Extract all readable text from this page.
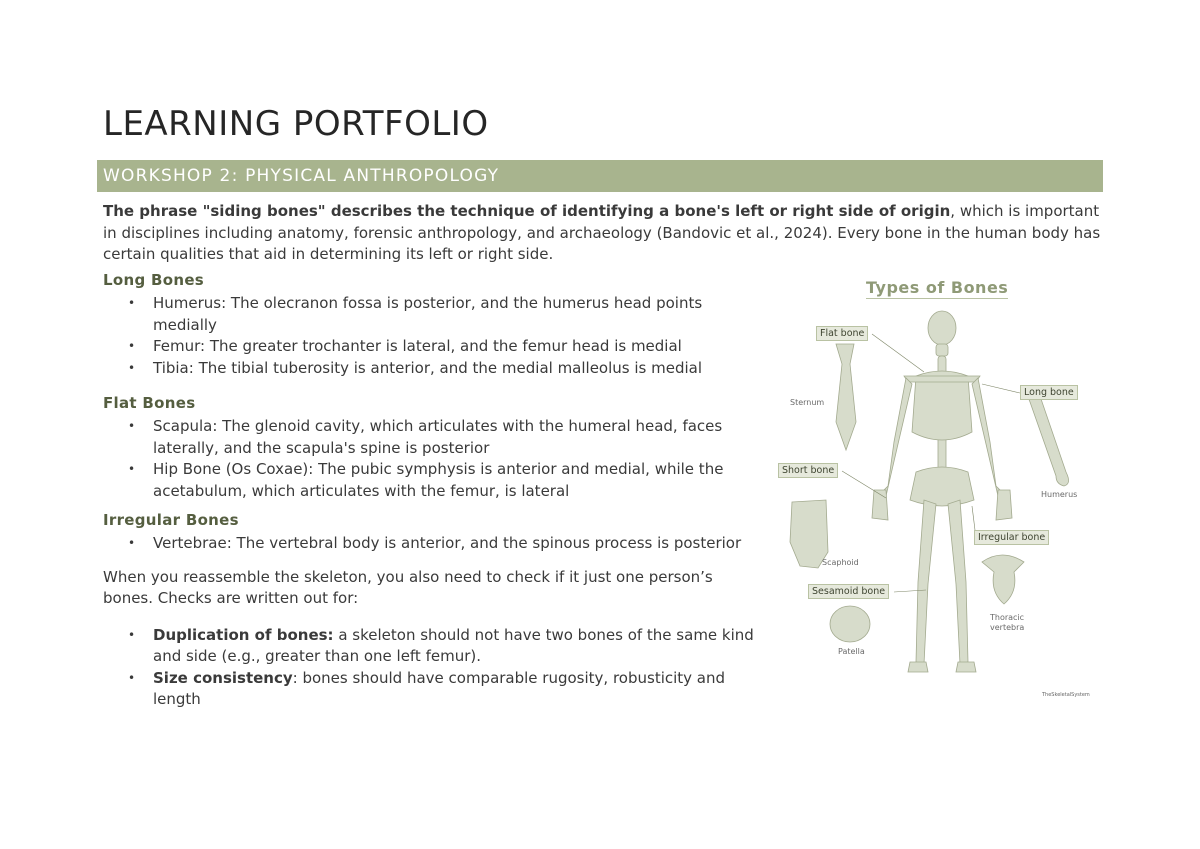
LEARNING PORTFOLIO
WORKSHOP 2: PHYSICAL ANTHROPOLOGY

The phrase "siding bones" describes the technique of identifying a bone's left or right side of origin, which is important in disciplines including anatomy, forensic anthropology, and archaeology (Bandovic et al., 2024). Every bone in the human body has certain qualities that aid in determining its left or right side.

Long Bones
• Humerus: The olecranon fossa is posterior, and the humerus head points medially
• Femur: The greater trochanter is lateral, and the femur head is medial
• Tibia: The tibial tuberosity is anterior, and the medial malleolus is medial
Flat Bones
• Scapula: The glenoid cavity, which articulates with the humeral head, faces laterally, and the scapula's spine is posterior
• Hip Bone (Os Coxae): The pubic symphysis is anterior and medial, while the acetabulum, which articulates with the femur, is lateral
Irregular Bones
• Vertebrae: The vertebral body is anterior, and the spinous process is posterior

When you reassemble the skeleton, you also need to check if it just one person’s bones. Checks are written out for:

• Duplication of bones: a skeleton should not have two bones of the same kind and side (e.g., greater than one left femur).
• Size consistency: bones should have comparable rugosity, robusticity and length
Types of Bones
Flat bone
Long bone
Short bone
Irregular bone
Sesamoid bone
Sternum
Humerus
Scaphoid
Thoracic
vertebra
Patella
TheSkeletalSystem
